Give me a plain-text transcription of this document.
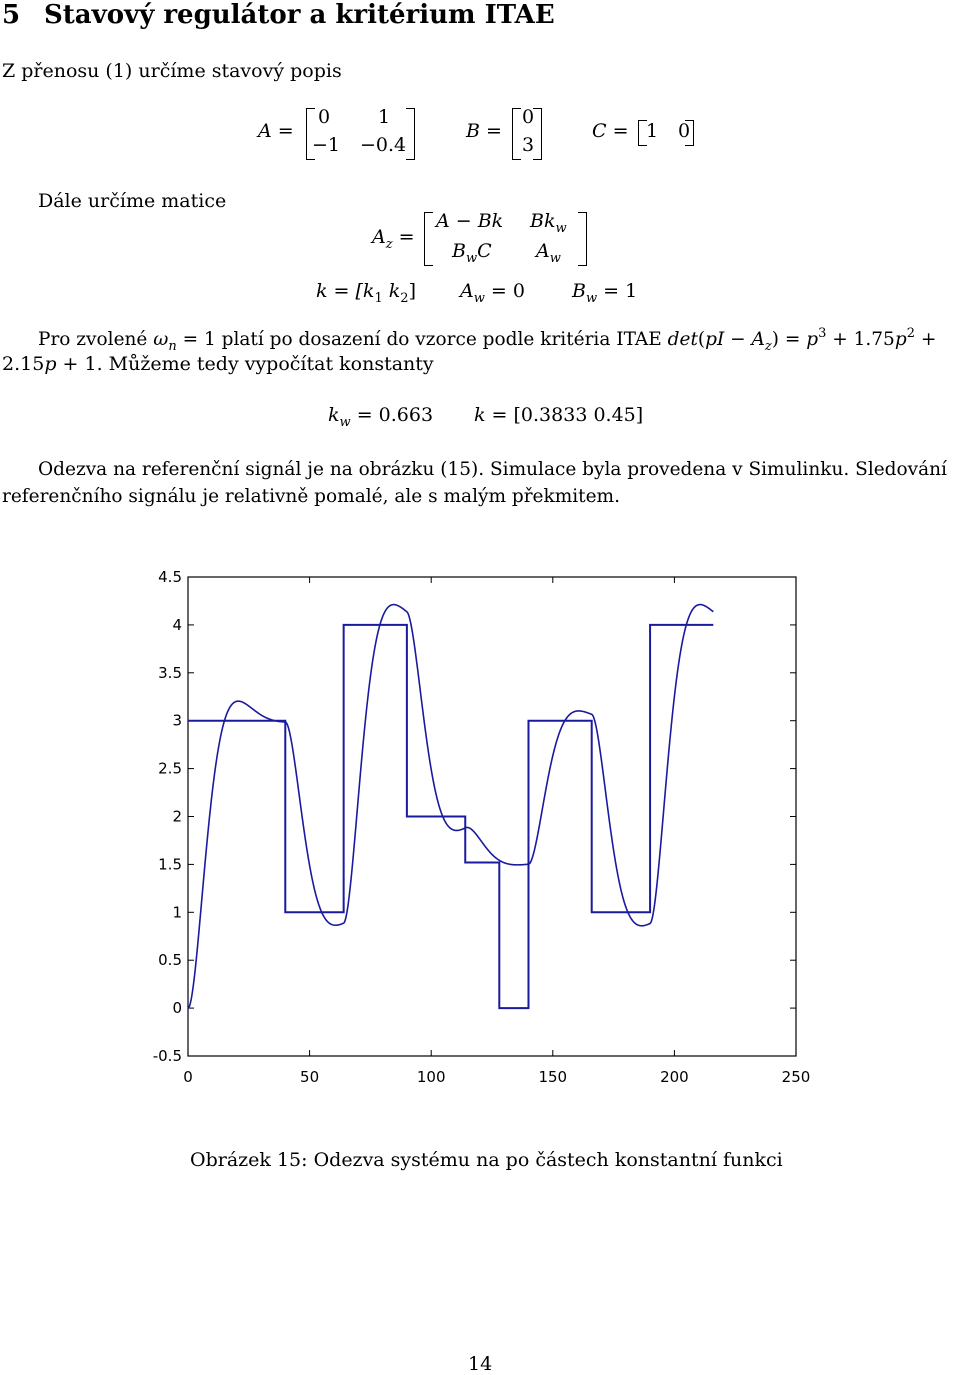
5 Stavový regulátor a kritérium ITAE
Z přenosu (1) určíme stavový popis
A =
0	1
−1 −0.4
B =
0
3
C = 1 0
Dále určíme matice
$A_z$ =
A − Bk $Bk_w$
$B_wC$ $A_w$
$k = [k_1$ $k_2$] $A_w = 0$ $B_w = 1$
Pro zvolené $\omega_n = 1$ platí po dosazení do vzorce podle kritéria ITAE $\det(pI - A_z) = p^3 + 1.75p^2$ +
2.15p + 1. Můžeme tedy vypočítat konstanty
$k_w = 0.663$ k = [0.3833 0.45]
Odezva na referenční signál je na obrázku (15). Simulace byla provedena v Simulinku. Sledování
referenčního signálu je relativně pomalé, ale s malým překmitem.
0	50	100	150	200	250
-0.5
0
0.5
1
1.5
2
2.5
3
3.5
4
4.5
Obrázek 15: Odezva systému na po částech konstantní funkci
14
